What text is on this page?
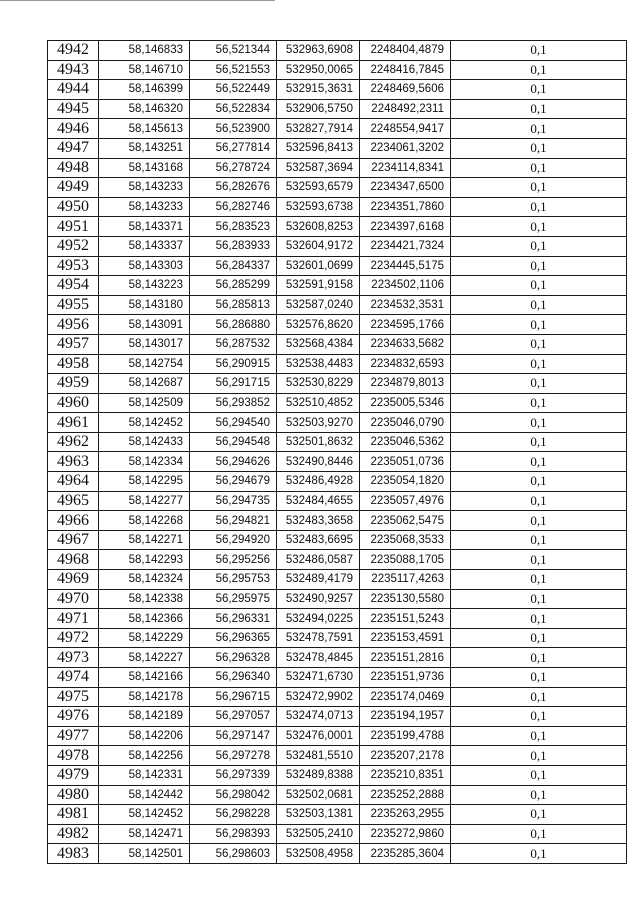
4942	58,146833	56,521344	532963,6908	2248404,4879	0,1
4943	58,146710	56,521553	532950,0065	2248416,7845	0,1
4944	58,146399	56,522449	532915,3631	2248469,5606	0,1
4945	58,146320	56,522834	532906,5750	2248492,2311	0,1
4946	58,145613	56,523900	532827,7914	2248554,9417	0,1
4947	58,143251	56,277814	532596,8413	2234061,3202	0,1
4948	58,143168	56,278724	532587,3694	2234114,8341	0,1
4949	58,143233	56,282676	532593,6579	2234347,6500	0,1
4950	58,143233	56,282746	532593,6738	2234351,7860	0,1
4951	58,143371	56,283523	532608,8253	2234397,6168	0,1
4952	58,143337	56,283933	532604,9172	2234421,7324	0,1
4953	58,143303	56,284337	532601,0699	2234445,5175	0,1
4954	58,143223	56,285299	532591,9158	2234502,1106	0,1
4955	58,143180	56,285813	532587,0240	2234532,3531	0,1
4956	58,143091	56,286880	532576,8620	2234595,1766	0,1
4957	58,143017	56,287532	532568,4384	2234633,5682	0,1
4958	58,142754	56,290915	532538,4483	2234832,6593	0,1
4959	58,142687	56,291715	532530,8229	2234879,8013	0,1
4960	58,142509	56,293852	532510,4852	2235005,5346	0,1
4961	58,142452	56,294540	532503,9270	2235046,0790	0,1
4962	58,142433	56,294548	532501,8632	2235046,5362	0,1
4963	58,142334	56,294626	532490,8446	2235051,0736	0,1
4964	58,142295	56,294679	532486,4928	2235054,1820	0,1
4965	58,142277	56,294735	532484,4655	2235057,4976	0,1
4966	58,142268	56,294821	532483,3658	2235062,5475	0,1
4967	58,142271	56,294920	532483,6695	2235068,3533	0,1
4968	58,142293	56,295256	532486,0587	2235088,1705	0,1
4969	58,142324	56,295753	532489,4179	2235117,4263	0,1
4970	58,142338	56,295975	532490,9257	2235130,5580	0,1
4971	58,142366	56,296331	532494,0225	2235151,5243	0,1
4972	58,142229	56,296365	532478,7591	2235153,4591	0,1
4973	58,142227	56,296328	532478,4845	2235151,2816	0,1
4974	58,142166	56,296340	532471,6730	2235151,9736	0,1
4975	58,142178	56,296715	532472,9902	2235174,0469	0,1
4976	58,142189	56,297057	532474,0713	2235194,1957	0,1
4977	58,142206	56,297147	532476,0001	2235199,4788	0,1
4978	58,142256	56,297278	532481,5510	2235207,2178	0,1
4979	58,142331	56,297339	532489,8388	2235210,8351	0,1
4980	58,142442	56,298042	532502,0681	2235252,2888	0,1
4981	58,142452	56,298228	532503,1381	2235263,2955	0,1
4982	58,142471	56,298393	532505,2410	2235272,9860	0,1
4983	58,142501	56,298603	532508,4958	2235285,3604	0,1
